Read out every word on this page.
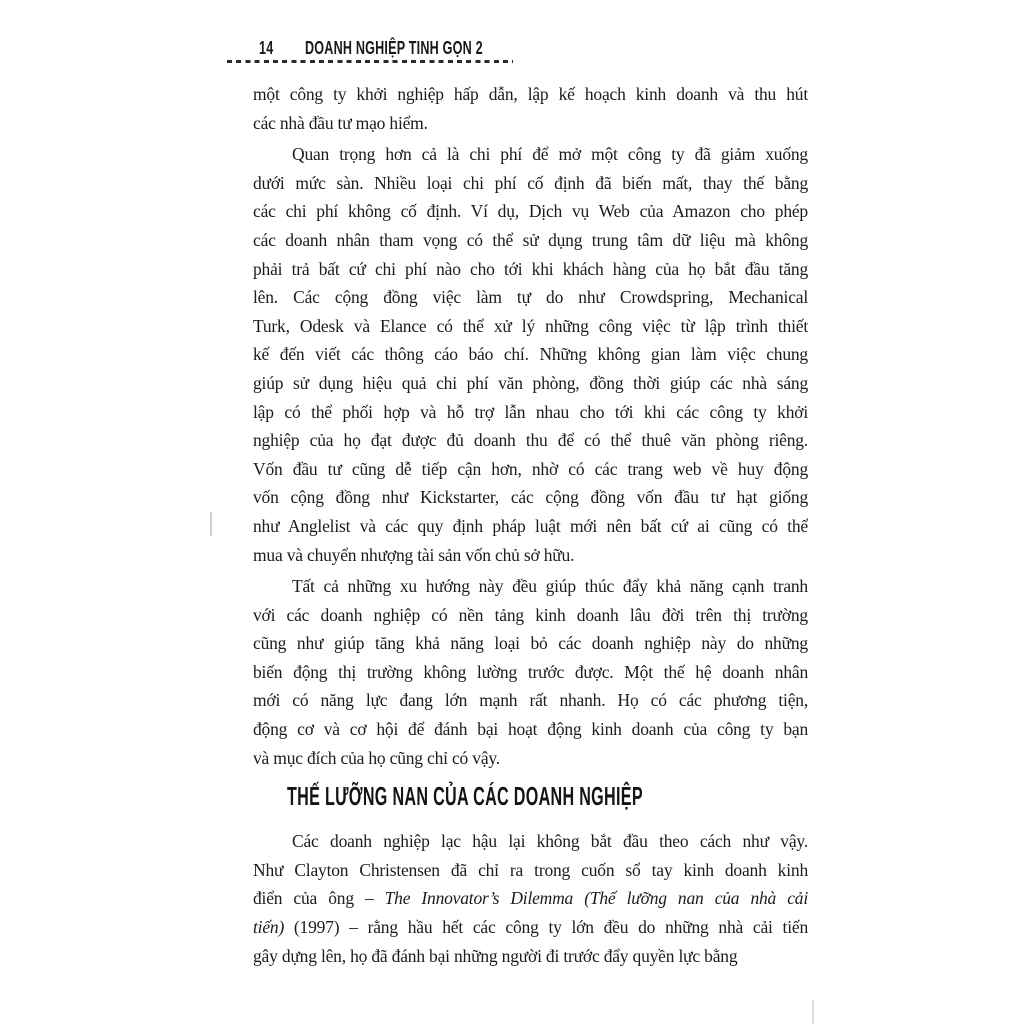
14	DOANH NGHIỆP TINH GỌN 2

một công ty khởi nghiệp hấp dẫn, lập kế hoạch kinh doanh và thu hút
các nhà đầu tư mạo hiểm.

Quan trọng hơn cả là chi phí để mở một công ty đã giảm xuống
dưới mức sàn. Nhiều loại chi phí cố định đã biến mất, thay thế bằng
các chi phí không cố định. Ví dụ, Dịch vụ Web của Amazon cho phép
các doanh nhân tham vọng có thể sử dụng trung tâm dữ liệu mà không
phải trả bất cứ chi phí nào cho tới khi khách hàng của họ bắt đầu tăng
lên. Các cộng đồng việc làm tự do như Crowdspring, Mechanical
Turk, Odesk và Elance có thể xử lý những công việc từ lập trình thiết
kế đến viết các thông cáo báo chí. Những không gian làm việc chung
giúp sử dụng hiệu quả chi phí văn phòng, đồng thời giúp các nhà sáng
lập có thể phối hợp và hỗ trợ lẫn nhau cho tới khi các công ty khởi
nghiệp của họ đạt được đủ doanh thu để có thể thuê văn phòng riêng.
Vốn đầu tư cũng dễ tiếp cận hơn, nhờ có các trang web về huy động
vốn cộng đồng như Kickstarter, các cộng đồng vốn đầu tư hạt giống
như Anglelist và các quy định pháp luật mới nên bất cứ ai cũng có thể
mua và chuyển nhượng tài sản vốn chủ sở hữu.

Tất cả những xu hướng này đều giúp thúc đẩy khả năng cạnh tranh
với các doanh nghiệp có nền tảng kinh doanh lâu đời trên thị trường
cũng như giúp tăng khả năng loại bỏ các doanh nghiệp này do những
biến động thị trường không lường trước được. Một thế hệ doanh nhân
mới có năng lực đang lớn mạnh rất nhanh. Họ có các phương tiện,
động cơ và cơ hội để đánh bại hoạt động kinh doanh của công ty bạn
và mục đích của họ cũng chỉ có vậy.

THẾ LƯỠNG NAN CỦA CÁC DOANH NGHIỆP

Các doanh nghiệp lạc hậu lại không bắt đầu theo cách như vậy.
Như Clayton Christensen đã chỉ ra trong cuốn sổ tay kinh doanh kinh
điển của ông – The Innovator’s Dilemma (Thế lưỡng nan của nhà cải
tiến) (1997) – rằng hầu hết các công ty lớn đều do những nhà cải tiến
gây dựng lên, họ đã đánh bại những người đi trước đẩy quyền lực bằng
